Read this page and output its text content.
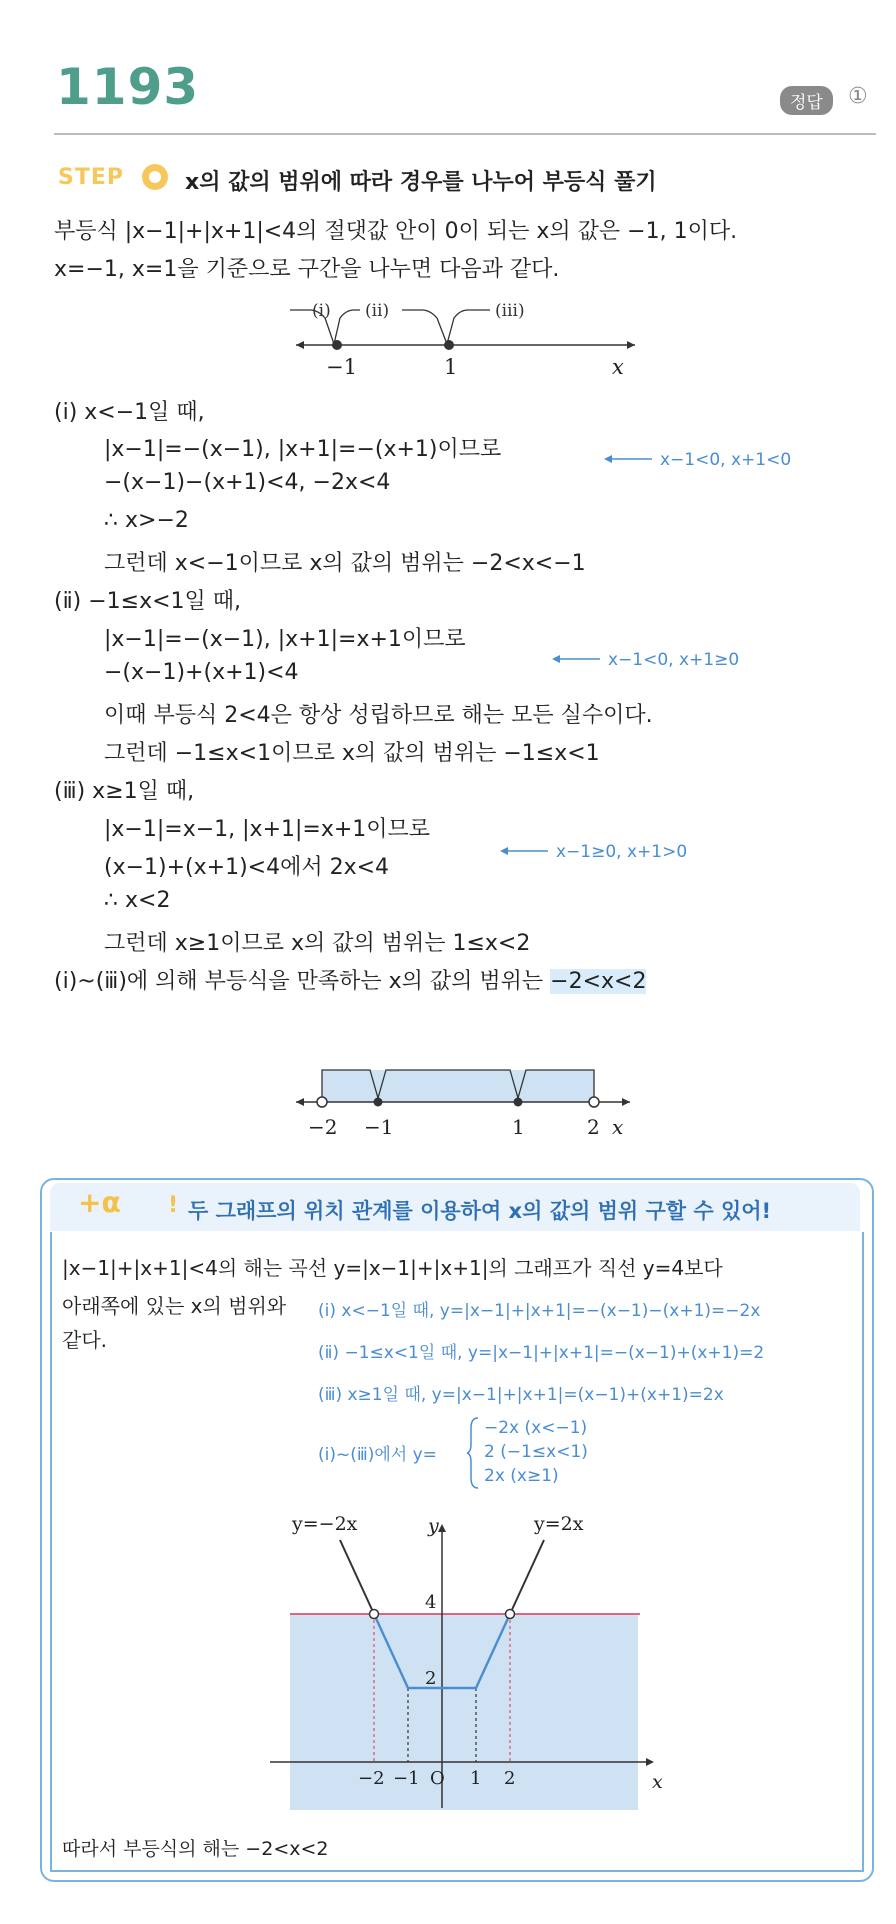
1193	정답	①
STEP	x의 값의 범위에 따라 경우를 나누어 부등식 풀기
부등식 |x−1|+|x+1|<4의 절댓값 안이 0이 되는 x의 값은 −1, 1이다.
x=−1, x=1을 기준으로 구간을 나누면 다음과 같다.
(ⅰ) (ⅱ)	(ⅲ)
−1	1	x
(ⅰ) x<−1일 때,
|x−1|=−(x−1), |x+1|=−(x+1)이므로	x−1<0, x+1<0
−(x−1)−(x+1)<4, −2x<4
∴ x>−2
그런데 x<−1이므로 x의 값의 범위는 −2<x<−1
(ⅱ) −1≤x<1일 때,
|x−1|=−(x−1), |x+1|=x+1이므로
x−1<0, x+1≥0
−(x−1)+(x+1)<4
이때 부등식 2<4은 항상 성립하므로 해는 모든 실수이다.
그런데 −1≤x<1이므로 x의 값의 범위는 −1≤x<1
(ⅲ) x≥1일 때,
|x−1|=x−1, |x+1|=x+1이므로
x−1≥0, x+1>0
(x−1)+(x+1)<4에서 2x<4
∴ x<2
그런데 x≥1이므로 x의 값의 범위는 1≤x<2
(ⅰ)~(ⅲ)에 의해 부등식을 만족하는 x의 값의 범위는 −2<x<2
−2 −1	1	2 x
+α ! 두 그래프의 위치 관계를 이용하여 x의 값의 범위 구할 수 있어!
|x−1|+|x+1|<4의 해는 곡선 y=|x−1|+|x+1|의 그래프가 직선 y=4보다
아래쪽에 있는 x의 범위와
같다.
(ⅰ) x<−1일 때, y=|x−1|+|x+1|=−(x−1)−(x+1)=−2x
(ⅱ) −1≤x<1일 때, y=|x−1|+|x+1|=−(x−1)+(x+1)=2
(ⅲ) x≥1일 때, y=|x−1|+|x+1|=(x−1)+(x+1)=2x
(ⅰ)~(ⅲ)에서 y=
−2x (x<−1)
2 (−1≤x<1)
2x (x≥1)
y=−2x	y=2x
y
x
4
2
−2 −1 O 1 2
따라서 부등식의 해는 −2<x<2
